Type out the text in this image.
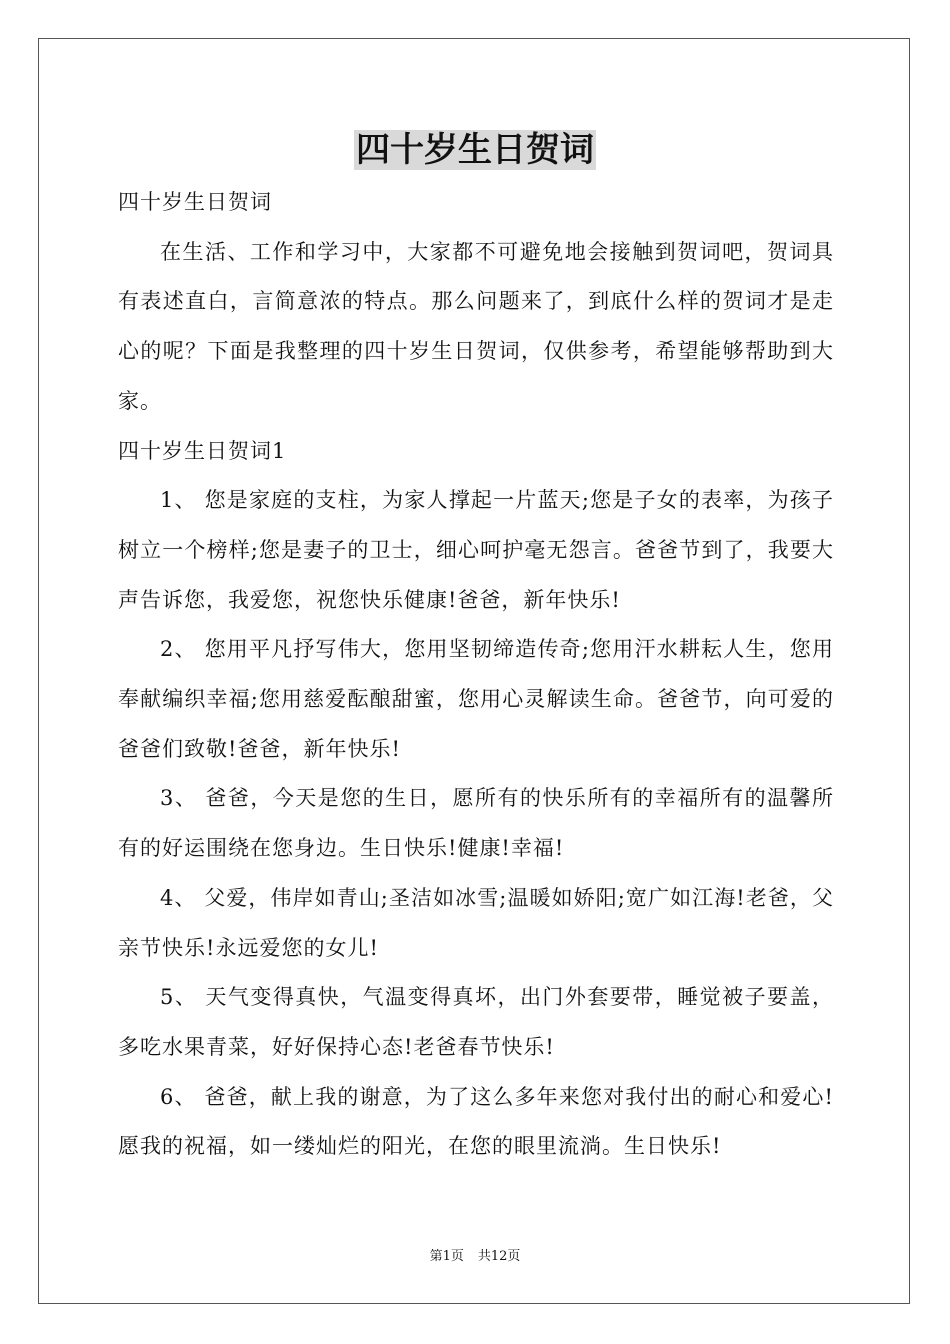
四十岁生日贺词

四十岁生日贺词

在生活、工作和学习中，大家都不可避免地会接触到贺词吧，贺词具有表述直白，言简意浓的特点。那么问题来了，到底什么样的贺词才是走心的呢？下面是我整理的四十岁生日贺词，仅供参考，希望能够帮助到大家。

四十岁生日贺词1

1、 您是家庭的支柱，为家人撑起一片蓝天;您是子女的表率，为孩子树立一个榜样;您是妻子的卫士，细心呵护毫无怨言。爸爸节到了，我要大声告诉您，我爱您，祝您快乐健康!爸爸，新年快乐!

2、 您用平凡抒写伟大，您用坚韧缔造传奇;您用汗水耕耘人生，您用奉献编织幸福;您用慈爱酝酿甜蜜，您用心灵解读生命。爸爸节，向可爱的爸爸们致敬!爸爸，新年快乐!

3、 爸爸，今天是您的生日，愿所有的快乐所有的幸福所有的温馨所有的好运围绕在您身边。生日快乐!健康!幸福!

4、 父爱，伟岸如青山;圣洁如冰雪;温暖如娇阳;宽广如江海!老爸，父亲节快乐!永远爱您的女儿!

5、 天气变得真快，气温变得真坏，出门外套要带，睡觉被子要盖，多吃水果青菜，好好保持心态!老爸春节快乐!

6、 爸爸，献上我的谢意，为了这么多年来您对我付出的耐心和爱心!愿我的祝福，如一缕灿烂的阳光，在您的眼里流淌。生日快乐!

第1页 共12页
